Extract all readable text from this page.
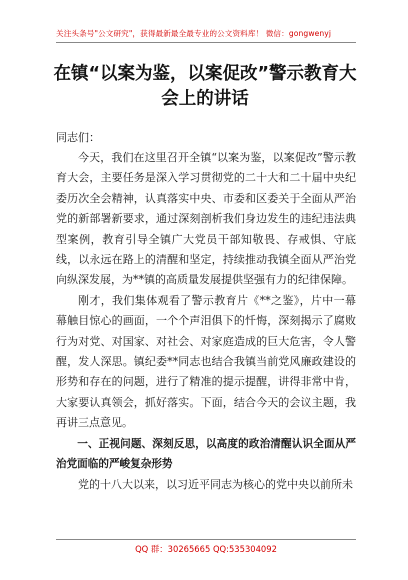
关注头条号"公文研究"，获得最新最全最专业的公文资料库！ 微信：gongwenyj
在镇“以案为鉴，以案促改”警示教育大会上的讲话
同志们：

今天，我们在这里召开全镇“以案为鉴，以案促改”警示教育大会，主要任务是深入学习贯彻党的二十大和二十届中央纪委历次全会精神，认真落实中央、市委和区委关于全面从严治党的新部署新要求，通过深刻剖析我们身边发生的违纪违法典型案例，教育引导全镇广大党员干部知敬畏、存戒惧、守底线，以永远在路上的清醒和坚定，持续推动我镇全面从严治党向纵深发展，为**镇的高质量发展提供坚强有力的纪律保障。

刚才，我们集体观看了警示教育片《**之鉴》，片中一幕幕触目惊心的画面，一个个声泪俱下的忏悔，深刻揭示了腐败行为对党、对国家、对社会、对家庭造成的巨大危害，令人警醒，发人深思。镇纪委**同志也结合我镇当前党风廉政建设的形势和存在的问题，进行了精准的提示提醒，讲得非常中肯，大家要认真领会，抓好落实。下面，结合今天的会议主题，我再讲三点意见。

一、正视问题、深刻反思，以高度的政治清醒认识全面从严治党面临的严峻复杂形势

党的十八大以来，以习近平同志为核心的党中央以前所未

QQ 群：30265665 QQ:535304092
